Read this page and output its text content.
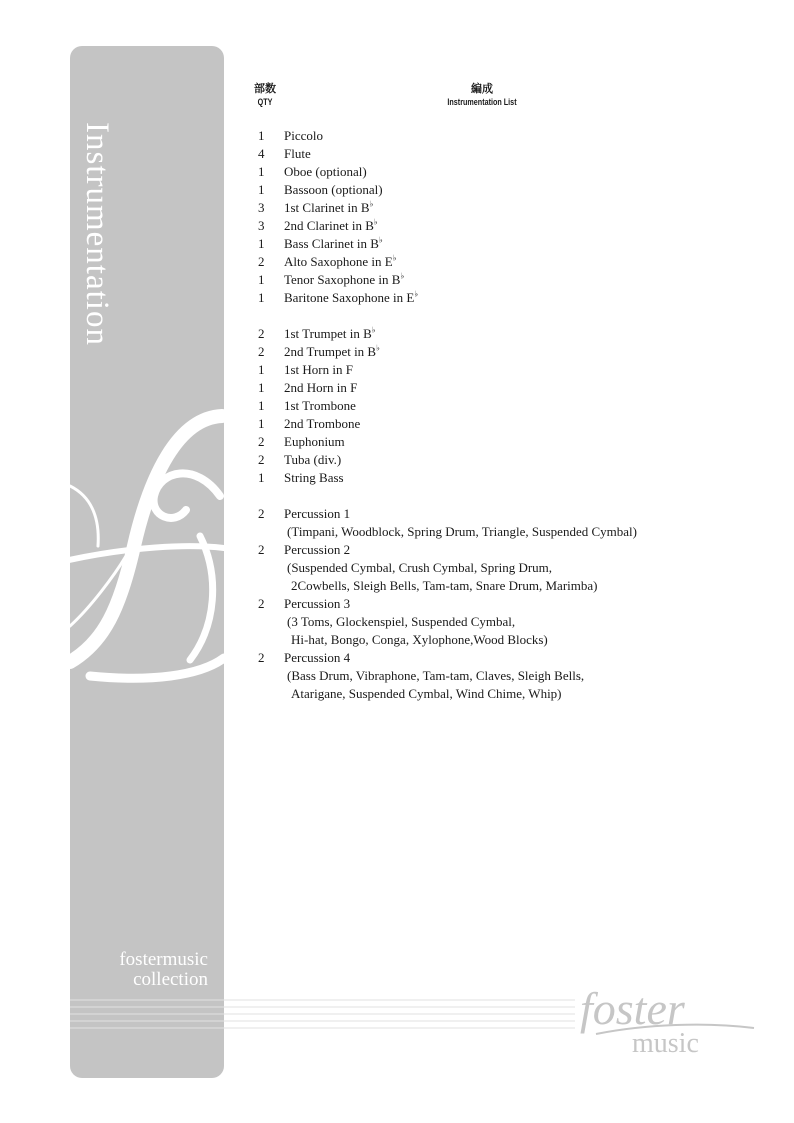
Instrumentation
fostermusic
collection
foster
music
部数
QTY
編成
Instrumentation List
1	Piccolo
4	Flute
1	Oboe (optional)
1	Bassoon (optional)
3	1st Clarinet in B♭
3	2nd Clarinet in B♭
1	Bass Clarinet in B♭
2	Alto Saxophone in E♭
1	Tenor Saxophone in B♭
1	Baritone Saxophone in E♭
2	1st Trumpet in B♭
2	2nd Trumpet in B♭
1	1st Horn in F
1	2nd Horn in F
1	1st Trombone
1	2nd Trombone
2	Euphonium
2	Tuba (div.)
1	String Bass
2	Percussion 1
(Timpani, Woodblock, Spring Drum, Triangle, Suspended Cymbal)
2	Percussion 2
(Suspended Cymbal, Crush Cymbal, Spring Drum,
2Cowbells, Sleigh Bells, Tam-tam, Snare Drum, Marimba)
2	Percussion 3
(3 Toms, Glockenspiel, Suspended Cymbal,
Hi-hat, Bongo, Conga, Xylophone,Wood Blocks)
2	Percussion 4
(Bass Drum, Vibraphone, Tam-tam, Claves, Sleigh Bells,
Atarigane, Suspended Cymbal, Wind Chime, Whip)
